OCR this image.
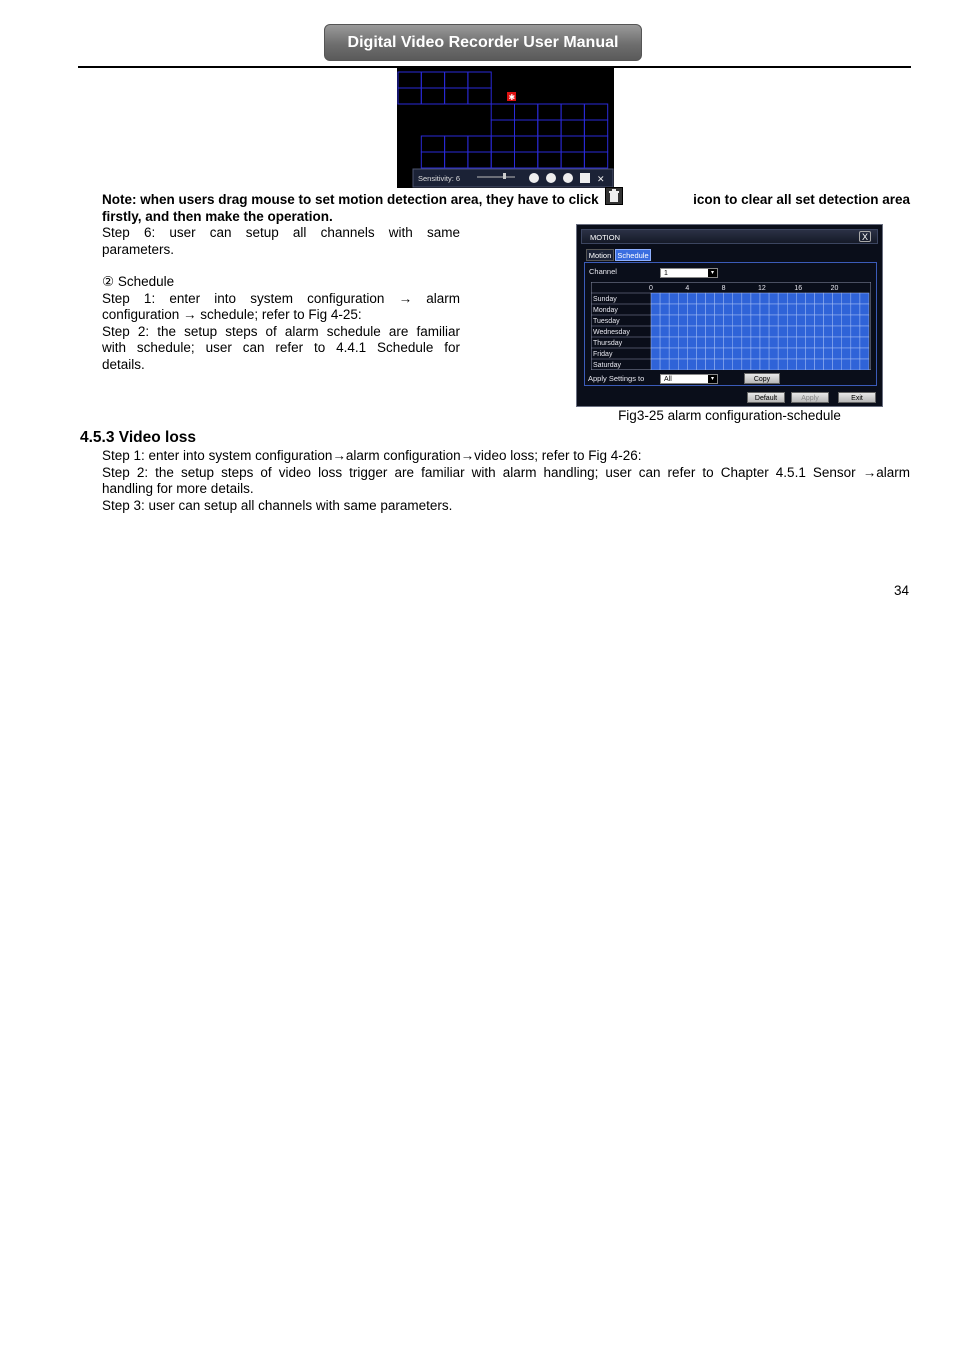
Digital Video Recorder User Manual
✱
Sensitivity: 6	✕
Note: when users drag mouse to set motion detection area, they have to click	icon to clear all set detection area
firstly, and then make the operation.
Step 6: user can setup all channels with same
parameters.
② Schedule
Step 1: enter into system configuration → alarm
configuration → schedule; refer to Fig 4-25:
Step 2: the setup steps of alarm schedule are familiar
with schedule; user can refer to 4.4.1 Schedule for
details.
MOTION	X
Motion Schedule
Channel	1	▾
0	4	8	12	16	20
Sunday
Monday
Tuesday
Wednesday
Thursday
Friday
Saturday
Apply Settings to	All	▾	Copy
Default	Apply	Exit
Fig3-25 alarm configuration-schedule
4.5.3 Video loss
Step 1: enter into system configuration→alarm configuration→video loss; refer to Fig 4-26:
Step 2: the setup steps of video loss trigger are familiar with alarm handling; user can refer to Chapter 4.5.1 Sensor →alarm
handling for more details.
Step 3: user can setup all channels with same parameters.
34
